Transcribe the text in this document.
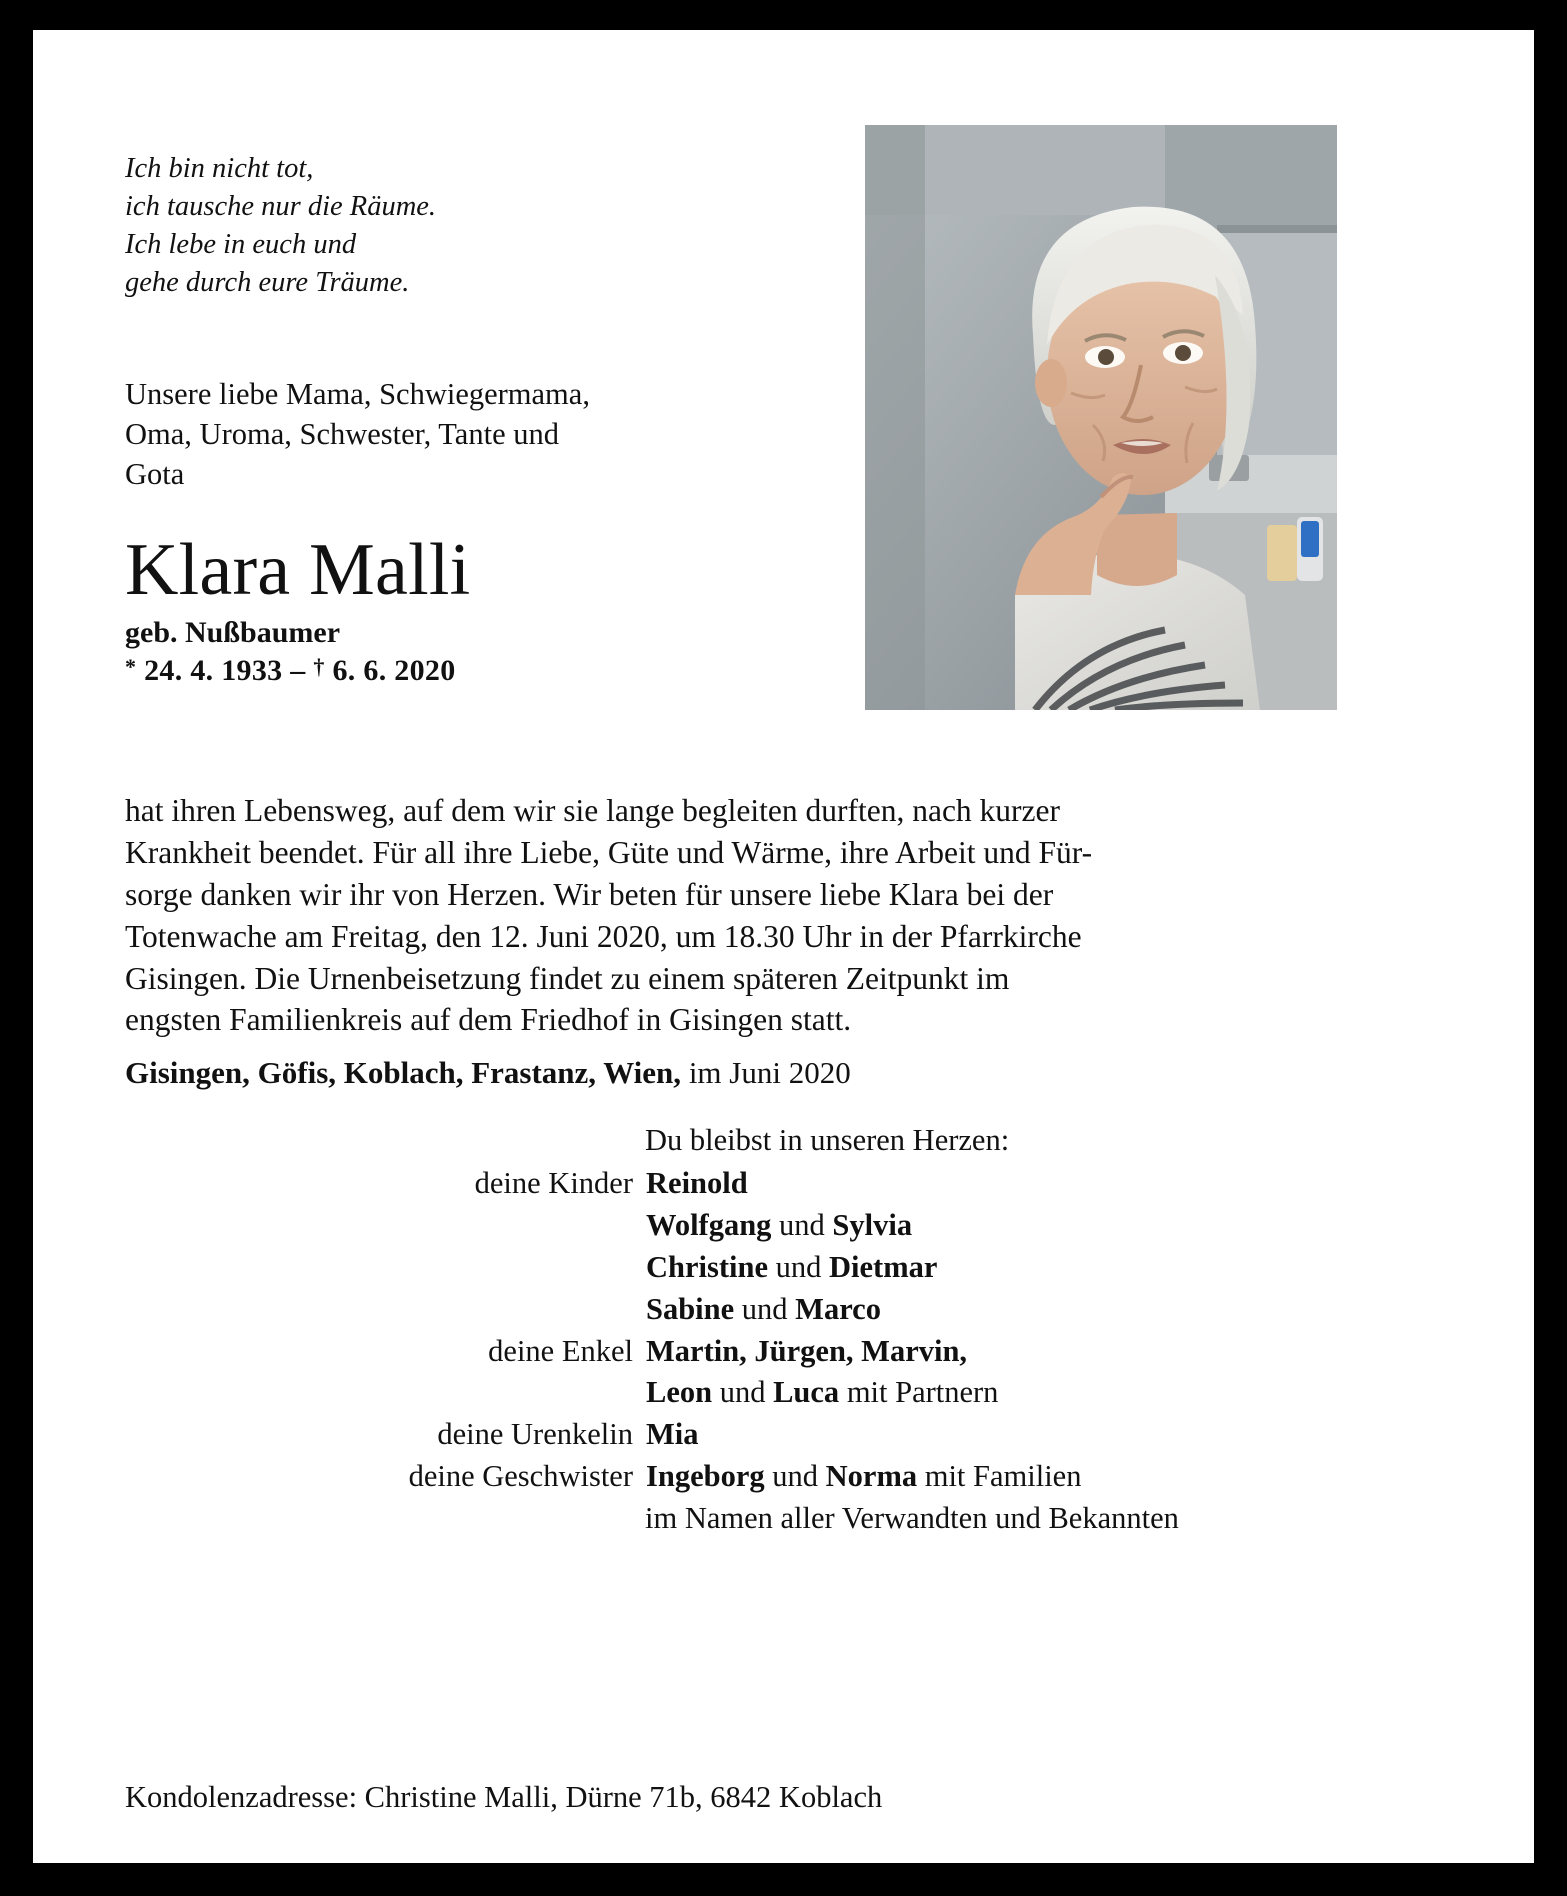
Ich bin nicht tot,
ich tausche nur die Räume.
Ich lebe in euch und
gehe durch eure Träume.
Unsere liebe Mama, Schwiegermama,
Oma, Uroma, Schwester, Tante und
Gota
Klara Malli
geb. Nußbaumer
* 24. 4. 1933 – † 6. 6. 2020
hat ihren Lebensweg, auf dem wir sie lange begleiten durften, nach kurzer
Krankheit beendet. Für all ihre Liebe, Güte und Wärme, ihre Arbeit und Für-
sorge danken wir ihr von Herzen. Wir beten für unsere liebe Klara bei der
Totenwache am Freitag, den 12. Juni 2020, um 18.30 Uhr in der Pfarrkirche
Gisingen. Die Urnenbeisetzung findet zu einem späteren Zeitpunkt im
engsten Familienkreis auf dem Friedhof in Gisingen statt.
Gisingen, Göfis, Koblach, Frastanz, Wien, im Juni 2020
Du bleibst in unseren Herzen:
deine Kinder	Reinold
	Wolfgang und Sylvia
	Christine und Dietmar
	Sabine und Marco
deine Enkel	Martin, Jürgen, Marvin,
	Leon und Luca mit Partnern
deine Urenkelin	Mia
deine Geschwister	Ingeborg und Norma mit Familien
im Namen aller Verwandten und Bekannten
Kondolenzadresse: Christine Malli, Dürne 71b, 6842 Koblach
